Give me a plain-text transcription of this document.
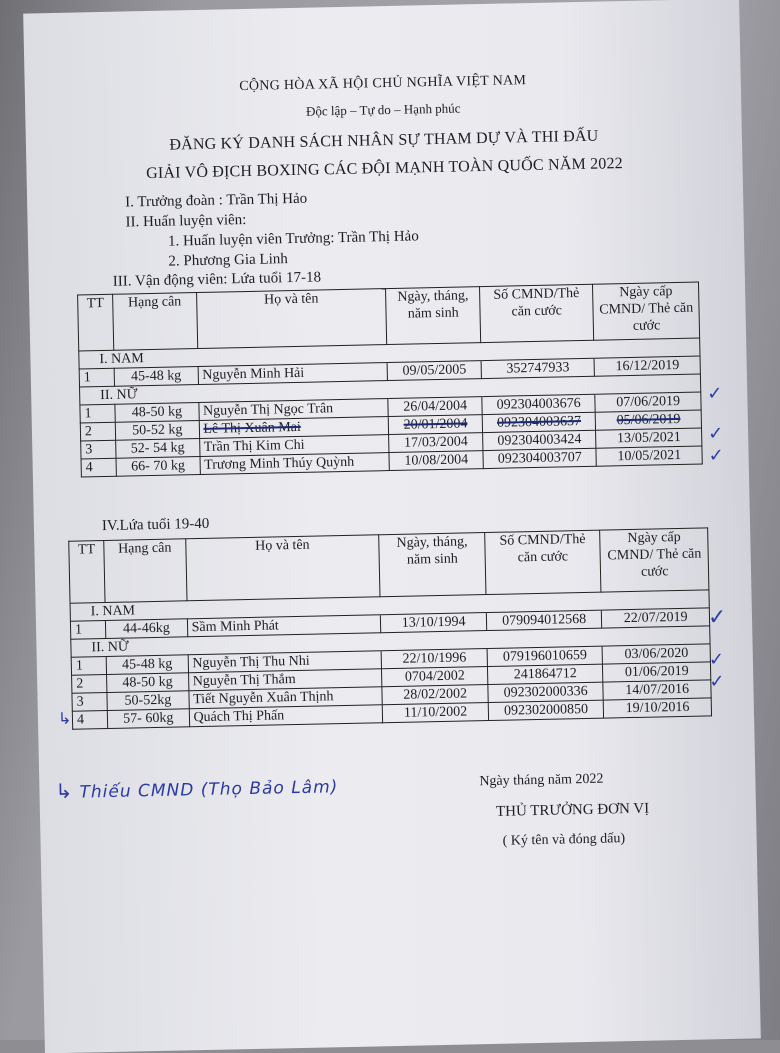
CỘNG HÒA XÃ HỘI CHỦ NGHĨA VIỆT NAM
Độc lập – Tự do – Hạnh phúc
ĐĂNG KÝ DANH SÁCH NHÂN SỰ THAM DỰ VÀ THI ĐẤU
GIẢI VÔ ĐỊCH BOXING CÁC ĐỘI MẠNH TOÀN QUỐC NĂM 2022
I. Trưởng đoàn : Trần Thị Hảo
II. Huấn luyện viên:
1. Huấn luyện viên Trưởng: Trần Thị Hảo
2. Phương Gia Linh
III. Vận động viên: Lứa tuổi 17-18
TT	Hạng cân	Họ và tên	Ngày, tháng, năm sinh	Số CMND/Thẻ căn cước	Ngày cấp CMND/ Thẻ căn cước
I. NAM					
1	45-48 kg	Nguyễn Minh Hải	09/05/2005	352747933	16/12/2019
II. NỮ					
1	48-50 kg	Nguyễn Thị Ngọc Trân	26/04/2004	092304003676	07/06/2019
2	50-52 kg	Lê Thị Xuân Mai	20/01/2004	092304003637	05/06/2019
3	52- 54 kg	Trần Thị Kim Chi	17/03/2004	092304003424	13/05/2021
4	66- 70 kg	Trương Minh Thúy Quỳnh	10/08/2004	092304003707	10/05/2021
✓
✓
✓
IV.Lứa tuổi 19-40
TT	Hạng cân	Họ và tên	Ngày, tháng, năm sinh	Số CMND/Thẻ căn cước	Ngày cấp CMND/ Thẻ căn cước
I. NAM					
1	44-46kg	Sầm Minh Phát	13/10/1994	079094012568	22/07/2019
II. NỮ					
1	45-48 kg	Nguyễn Thị Thu Nhi	22/10/1996	079196010659	03/06/2020
2	48-50 kg	Nguyễn Thị Thắm	0704/2002	241864712	01/06/2019
3	50-52kg	Tiết Nguyễn Xuân Thịnh	28/02/2002	092302000336	14/07/2016
4	57- 60kg	Quách Thị Phấn	11/10/2002	092302000850	19/10/2016
✓
✓
✓
↳
↳ Thiếu CMND (Thọ Bảo Lâm)	Ngày tháng năm 2022
THỦ TRƯỞNG ĐƠN VỊ
( Ký tên và đóng dấu)
